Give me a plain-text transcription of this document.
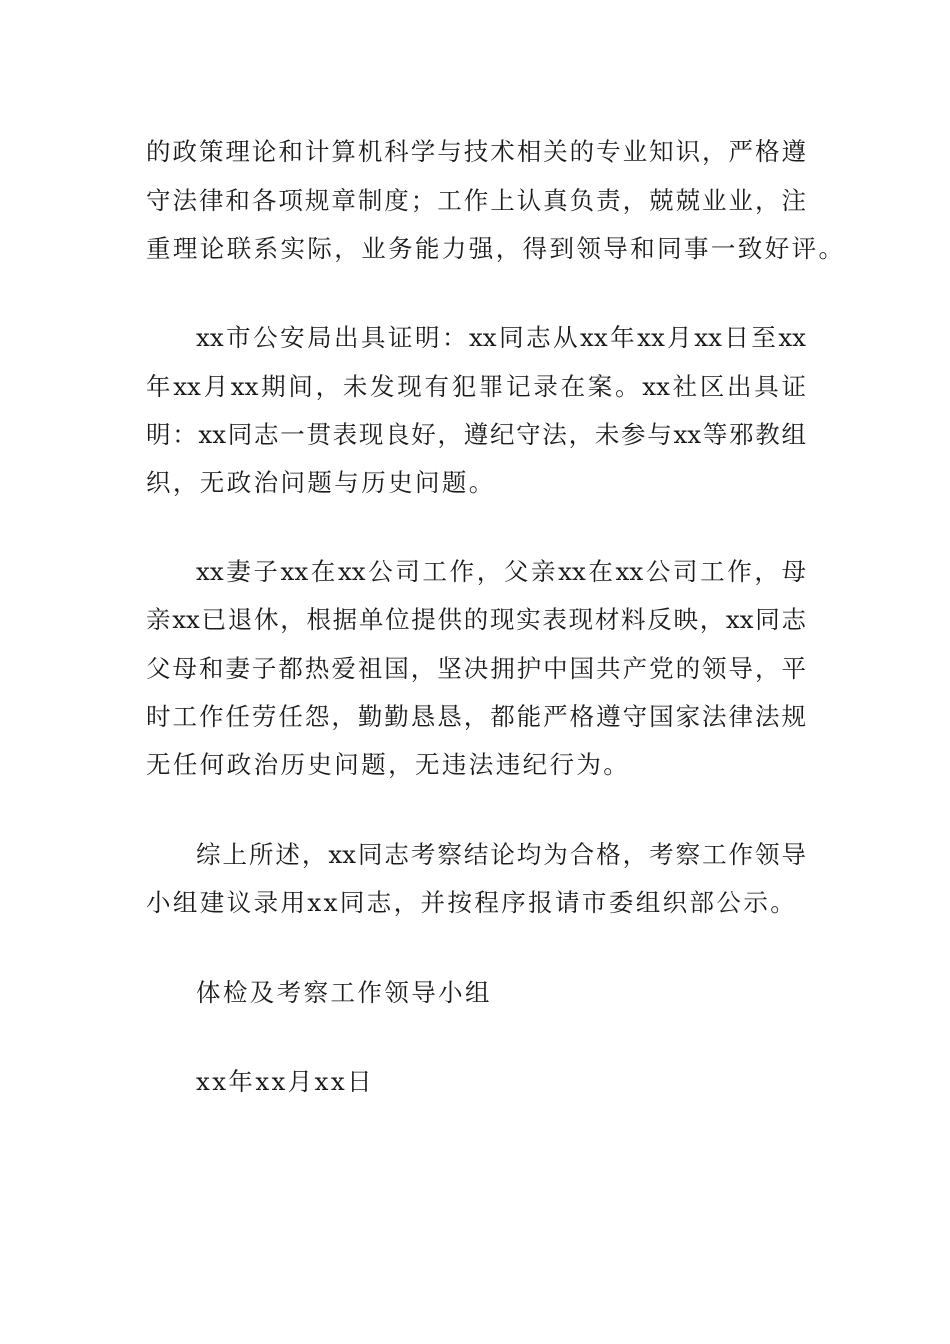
的政策理论和计算机科学与技术相关的专业知识，严格遵
守法律和各项规章制度；工作上认真负责，兢兢业业，注
重理论联系实际，业务能力强，得到领导和同事一致好评。
xx市公安局出具证明：xx同志从xx年xx月xx日至xx
年xx月xx期间，未发现有犯罪记录在案。xx社区出具证
明：xx同志一贯表现良好，遵纪守法，未参与xx等邪教组
织，无政治问题与历史问题。
xx妻子xx在xx公司工作，父亲xx在xx公司工作，母
亲xx已退休，根据单位提供的现实表现材料反映，xx同志
父母和妻子都热爱祖国，坚决拥护中国共产党的领导，平
时工作任劳任怨，勤勤恳恳，都能严格遵守国家法律法规
无任何政治历史问题，无违法违纪行为。
综上所述，xx同志考察结论均为合格，考察工作领导
小组建议录用xx同志，并按程序报请市委组织部公示。
体检及考察工作领导小组
xx年xx月xx日
